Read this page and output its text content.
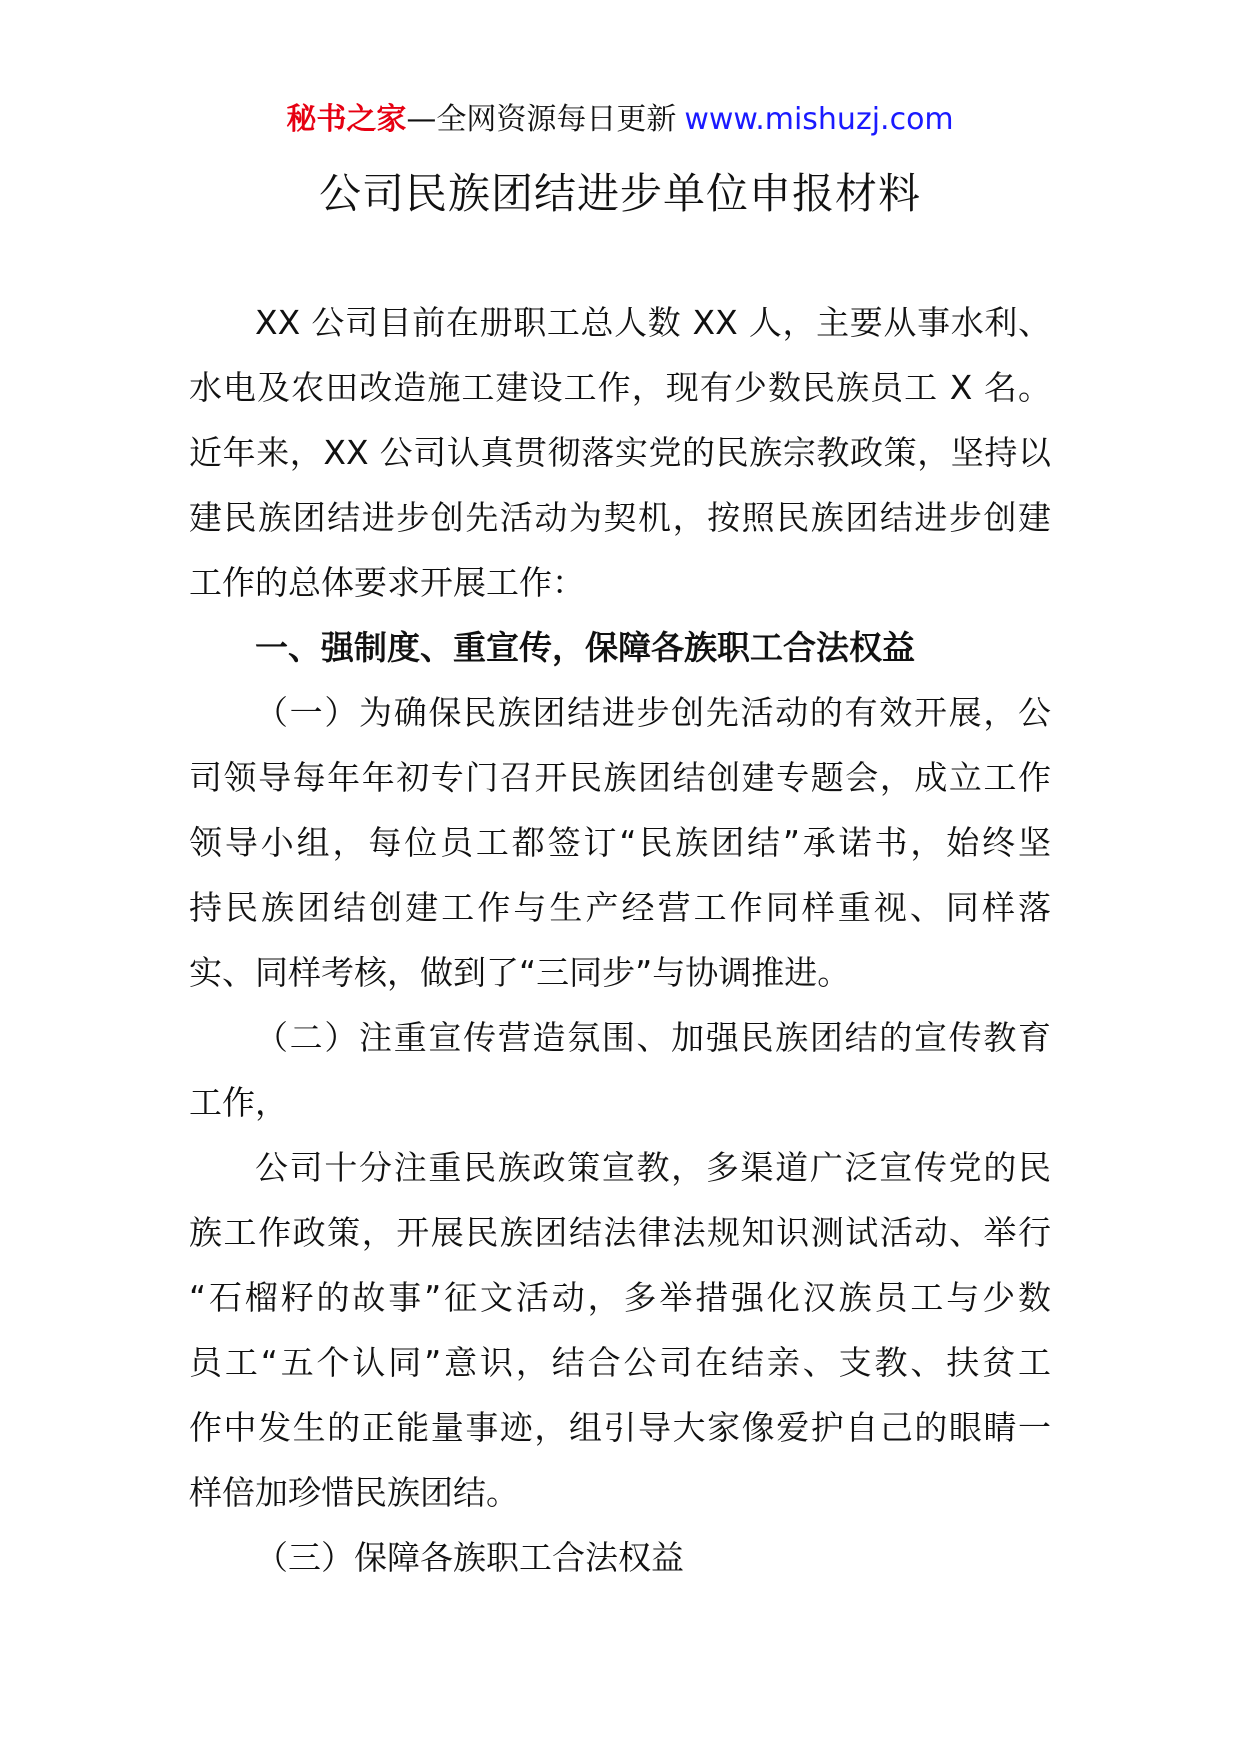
秘书之家—全网资源每日更新 www.mishuzj.com
公司民族团结进步单位申报材料
XX 公司目前在册职工总人数 XX 人，主要从事水利、
水电及农田改造施工建设工作，现有少数民族员工 X 名。
近年来，XX 公司认真贯彻落实党的民族宗教政策，坚持以
建民族团结进步创先活动为契机，按照民族团结进步创建
工作的总体要求开展工作：
一、强制度、重宣传，保障各族职工合法权益
（一）为确保民族团结进步创先活动的有效开展，公
司领导每年年初专门召开民族团结创建专题会，成立工作
领导小组，每位员工都签订“民族团结”承诺书，始终坚
持民族团结创建工作与生产经营工作同样重视、同样落
实、同样考核，做到了“三同步”与协调推进。
（二）注重宣传营造氛围、加强民族团结的宣传教育
工作，
公司十分注重民族政策宣教，多渠道广泛宣传党的民
族工作政策，开展民族团结法律法规知识测试活动、举行
“石榴籽的故事”征文活动，多举措强化汉族员工与少数
员工“五个认同”意识，结合公司在结亲、支教、扶贫工
作中发生的正能量事迹，组引导大家像爱护自己的眼睛一
样倍加珍惜民族团结。
（三）保障各族职工合法权益
